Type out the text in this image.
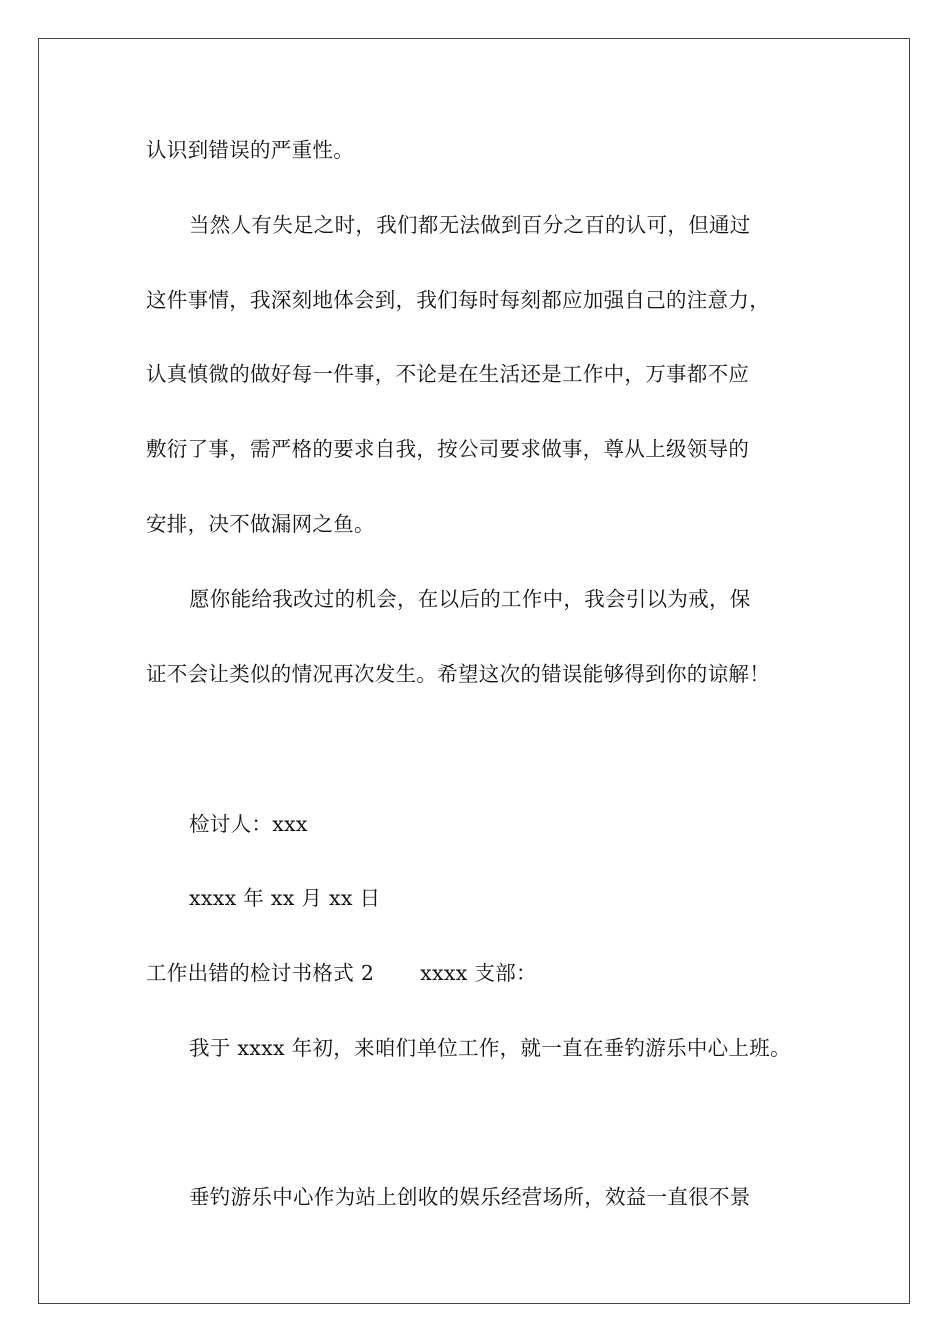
认识到错误的严重性。
当然人有失足之时，我们都无法做到百分之百的认可，但通过
这件事情，我深刻地体会到，我们每时每刻都应加强自己的注意力，
认真慎微的做好每一件事，不论是在生活还是工作中，万事都不应
敷衍了事，需严格的要求自我，按公司要求做事，尊从上级领导的
安排，决不做漏网之鱼。
愿你能给我改过的机会，在以后的工作中，我会引以为戒，保
证不会让类似的情况再次发生。希望这次的错误能够得到你的谅解！
检讨人：xxx
xxxx 年 xx 月 xx 日
工作出错的检讨书格式 2 xxxx 支部：
我于 xxxx 年初，来咱们单位工作，就一直在垂钓游乐中心上班。
垂钓游乐中心作为站上创收的娱乐经营场所，效益一直很不景
